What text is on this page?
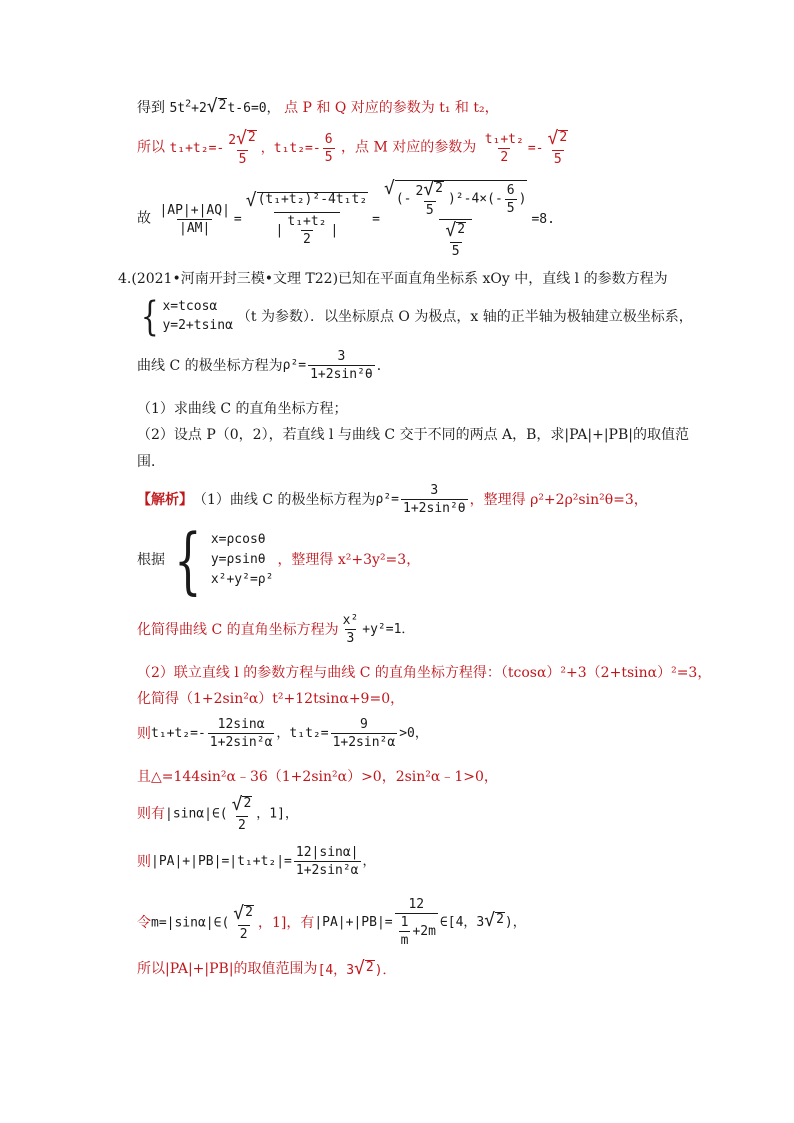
得到 $5t^2+2$ √ 2 t-6=0， 点 P 和 Q 对应的参数为 t₁ 和 t₂，
所以 $t_1+t_2=- \frac{2 √ 2}{5}$ ，$t_1t_2=- \frac{6}{5}$ ，点 M 对应的参数为 $\frac{\text{t₁+t₂}}{2} =- \frac{√ 2}{5}$
故 $\frac{|AP|+|AQ|}{|AM|} = \frac{\text{√ (t₁+t₂)²-4t₁t₂}}{| \frac{\text{t₁+t₂}}{2} |} = \frac{√ (- \frac{2 √ 2}{5} )^2-4\times(- \frac{6}{5} )}{\frac{√ 2}{5}} =8$.
4.(2021•河南开封三模•文理 T22)已知在平面直角坐标系 xOy 中，直线 l 的参数方程为
{ x=tcosα
y=2+tsinα
（t 为参数）．以坐标原点 O 为极点，x 轴的正半轴为极轴建立极坐标系，
曲线 C 的极坐标方程为 $\rho^2= \frac{3}{\text{1+2sin²θ}}$ ．
（1）求曲线 C 的直角坐标方程；
（2）设点 P（0，2），若直线 l 与曲线 C 交于不同的两点 A，B，求|PA|+|PB|的取值范
围．
【解析】 （1）曲线 C 的极坐标方程为 $\rho^2= \frac{3}{\text{1+2sin²θ}}$ ，整理得 ρ²+2ρ²sin²θ=3，
根据 { x=ρcosθ
y=ρsinθ
x²+y²=ρ²
，整理得 x²+3y²=3，
化简得曲线 C 的直角坐标方程为 $\frac{\text{x²}}{3} +y^2=1$．
（2）联立直线 l 的参数方程与曲线 C 的直角坐标方程得：（tcosα）²+3（2+tsinα）²=3，
化简得（1+2sin²α）t²+12tsinα+9=0，
则 $t_1+t_2=- \frac{12\sin\alpha}{\text{1+2sin²α}}$ ，$t_1t_2= \frac{9}{\text{1+2sin²α}} >0$，
且△=144sin²α﹣36（1+2sin²α）>0，2sin²α﹣1>0，
则有 |sinα|∈( $\frac{√ 2}{2}$ ，1]，
则 $|PA|+|PB|=|t_1+t_2|= \frac{12|\sin\alpha|}{\text{1+2sin²α}}$ ，
令 m=|sinα|∈( $\frac{√ 2}{2}$ ，1]，有 $|PA|+|PB|= \frac{12}{\frac{1}{m} +2m}$ ∈[4，3 √ 2 )，
所以|PA|+|PB|的取值范围为 [4，3 √ 2 )．
